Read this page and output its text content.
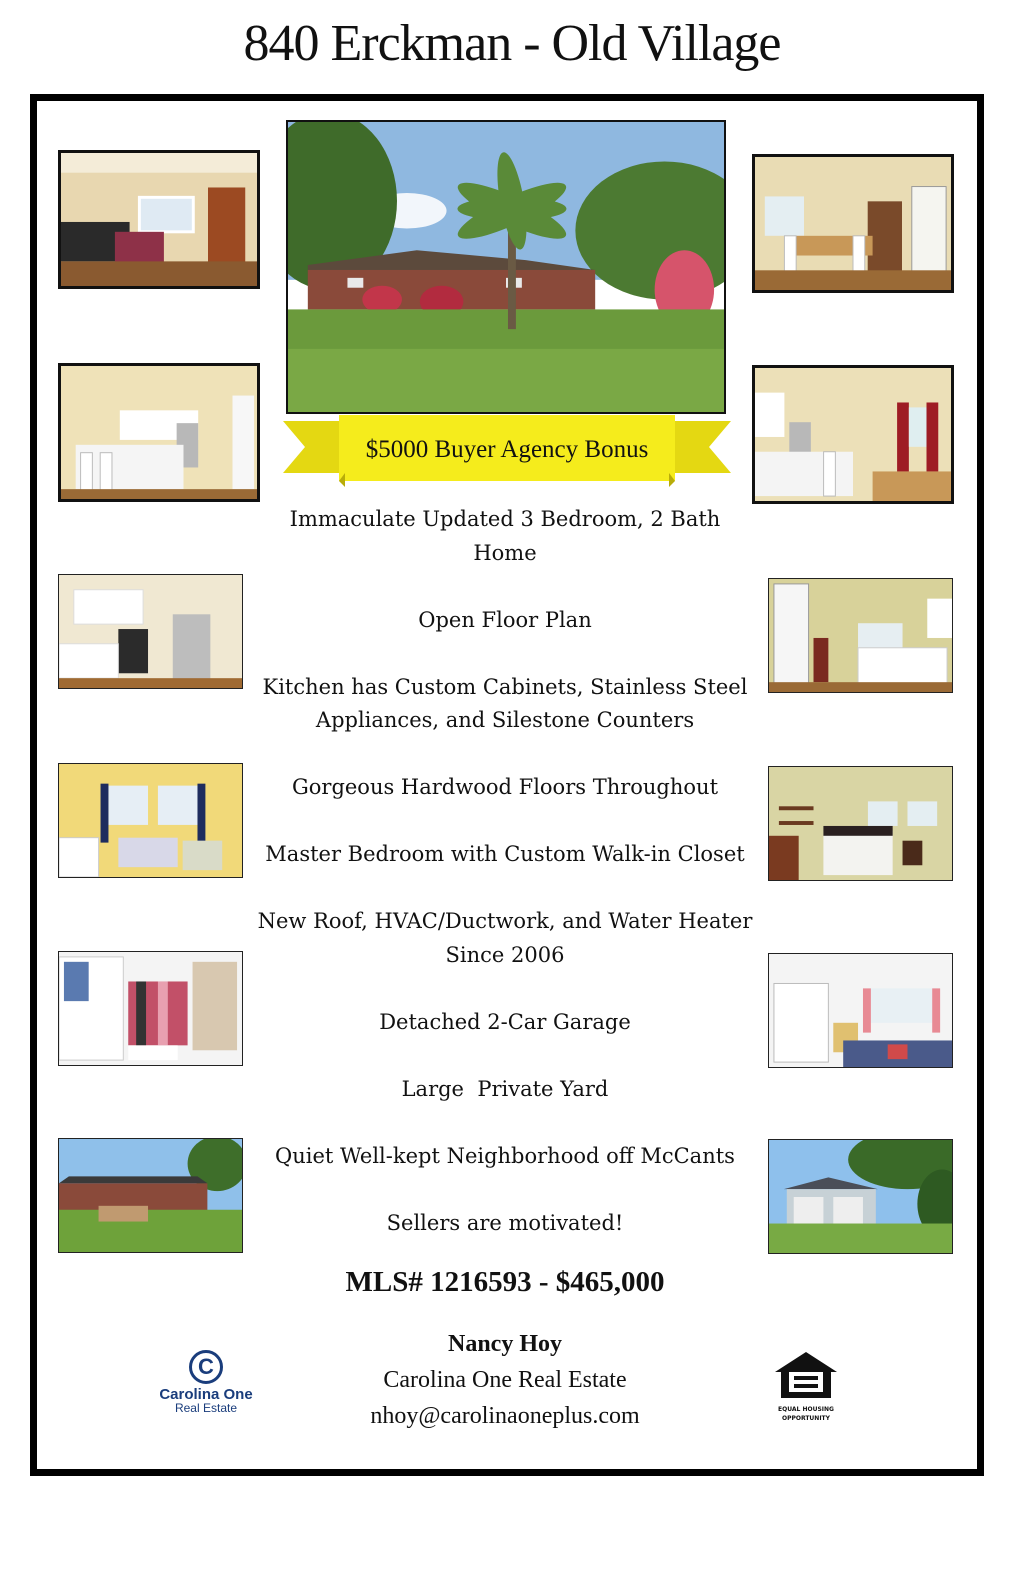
840 Erckman - Old Village
$5000 Buyer Agency Bonus

Immaculate Updated 3 Bedroom, 2 Bath Home

Open Floor Plan

Kitchen has Custom Cabinets, Stainless Steel Appliances, and Silestone Counters

Gorgeous Hardwood Floors Throughout

Master Bedroom with Custom Walk-in Closet

New Roof, HVAC/Ductwork, and Water Heater Since 2006

Detached 2-Car Garage

Large  Private Yard

Quiet Well-kept Neighborhood off McCants

Sellers are motivated!

MLS# 1216593 - $465,000
Nancy Hoy
Carolina One Real Estate
nhoy@carolinaoneplus.com
C
Carolina One
Real Estate	EQUAL HOUSING
OPPORTUNITY
